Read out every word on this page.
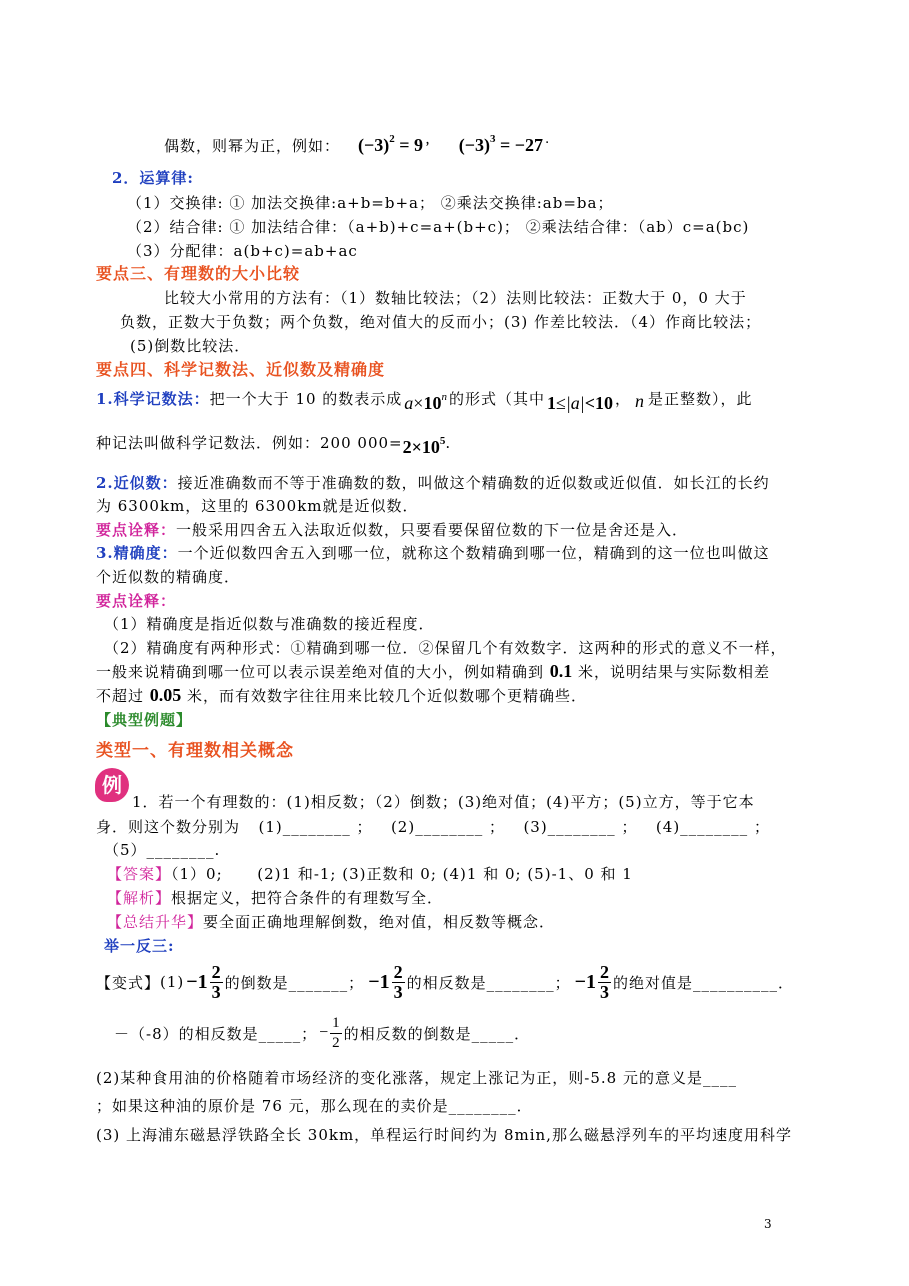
偶数，则幂为正，例如： $(-3)^2 = 9$ ， $(-3)^3 = -27$ .
2．运算律:
（1）交换律: ① 加法交换律:a+b=b+a； ②乘法交换律:ab=ba；
（2）结合律: ① 加法结合律：（a+b)+c=a+(b+c)； ②乘法结合律：（ab）c=a(bc)
（3）分配律：a(b+c)=ab+ac
要点三、有理数的大小比较
比较大小常用的方法有：（1）数轴比较法；（2）法则比较法：正数大于 0，0 大于
负数，正数大于负数；两个负数，绝对值大的反而小；(3) 作差比较法．（4）作商比较法；
(5)倒数比较法．
要点四、科学记数法、近似数及精确度
1.科学记数法：把一个大于 10 的数表示成 $a\times 10^n$ 的形式（其中 1≤|a|<10 ， n 是正整数），此
种记法叫做科学记数法．例如：200 $000=2\times 10^5$.
2.近似数：接近准确数而不等于准确数的数，叫做这个精确数的近似数或近似值．如长江的长约
为 6300km，这里的 6300km就是近似数．
要点诠释：一般采用四舍五入法取近似数，只要看要保留位数的下一位是舍还是入．
3.精确度：一个近似数四舍五入到哪一位，就称这个数精确到哪一位，精确到的这一位也叫做这
个近似数的精确度．
要点诠释：
（1）精确度是指近似数与准确数的接近程度．
（2）精确度有两种形式：①精确到哪一位．②保留几个有效数字．这两种的形式的意义不一样，
一般来说精确到哪一位可以表示误差绝对值的大小，例如精确到 0.1 米，说明结果与实际数相差
不超过 0.05 米，而有效数字往往用来比较几个近似数哪个更精确些．
【典型例题】
类型一、有理数相关概念
例
1．若一个有理数的：(1)相反数；（2）倒数；(3)绝对值；(4)平方；(5)立方，等于它本
身．则这个数分别为 (1)________ ； (2)________ ； (3)________ ； (4)________ ；
（5）________.
【答案】（1）0;      (2)1 和-1; (3)正数和 0; (4)1 和 0; (5)-1、0 和 1
【解析】根据定义，把符合条件的有理数写全．
【总结升华】要全面正确地理解倒数，绝对值，相反数等概念．
举一反三:
【变式】 $(1) -1 \frac{2}{3}$ 的倒数是_______； $-1 \frac{2}{3}$ 的相反数是________； $-1 \frac{2}{3}$ 的绝对值是__________．
－（-8）的相反数是_____； − $\frac{1}{2}$ 的相反数的倒数是_____．
(2)某种食用油的价格随着市场经济的变化涨落，规定上涨记为正，则-5.8 元的意义是____
；如果这种油的原价是 76 元，那么现在的卖价是________．
(3) 上海浦东磁悬浮铁路全长 30km，单程运行时间约为 8min,那么磁悬浮列车的平均速度用科学
3
